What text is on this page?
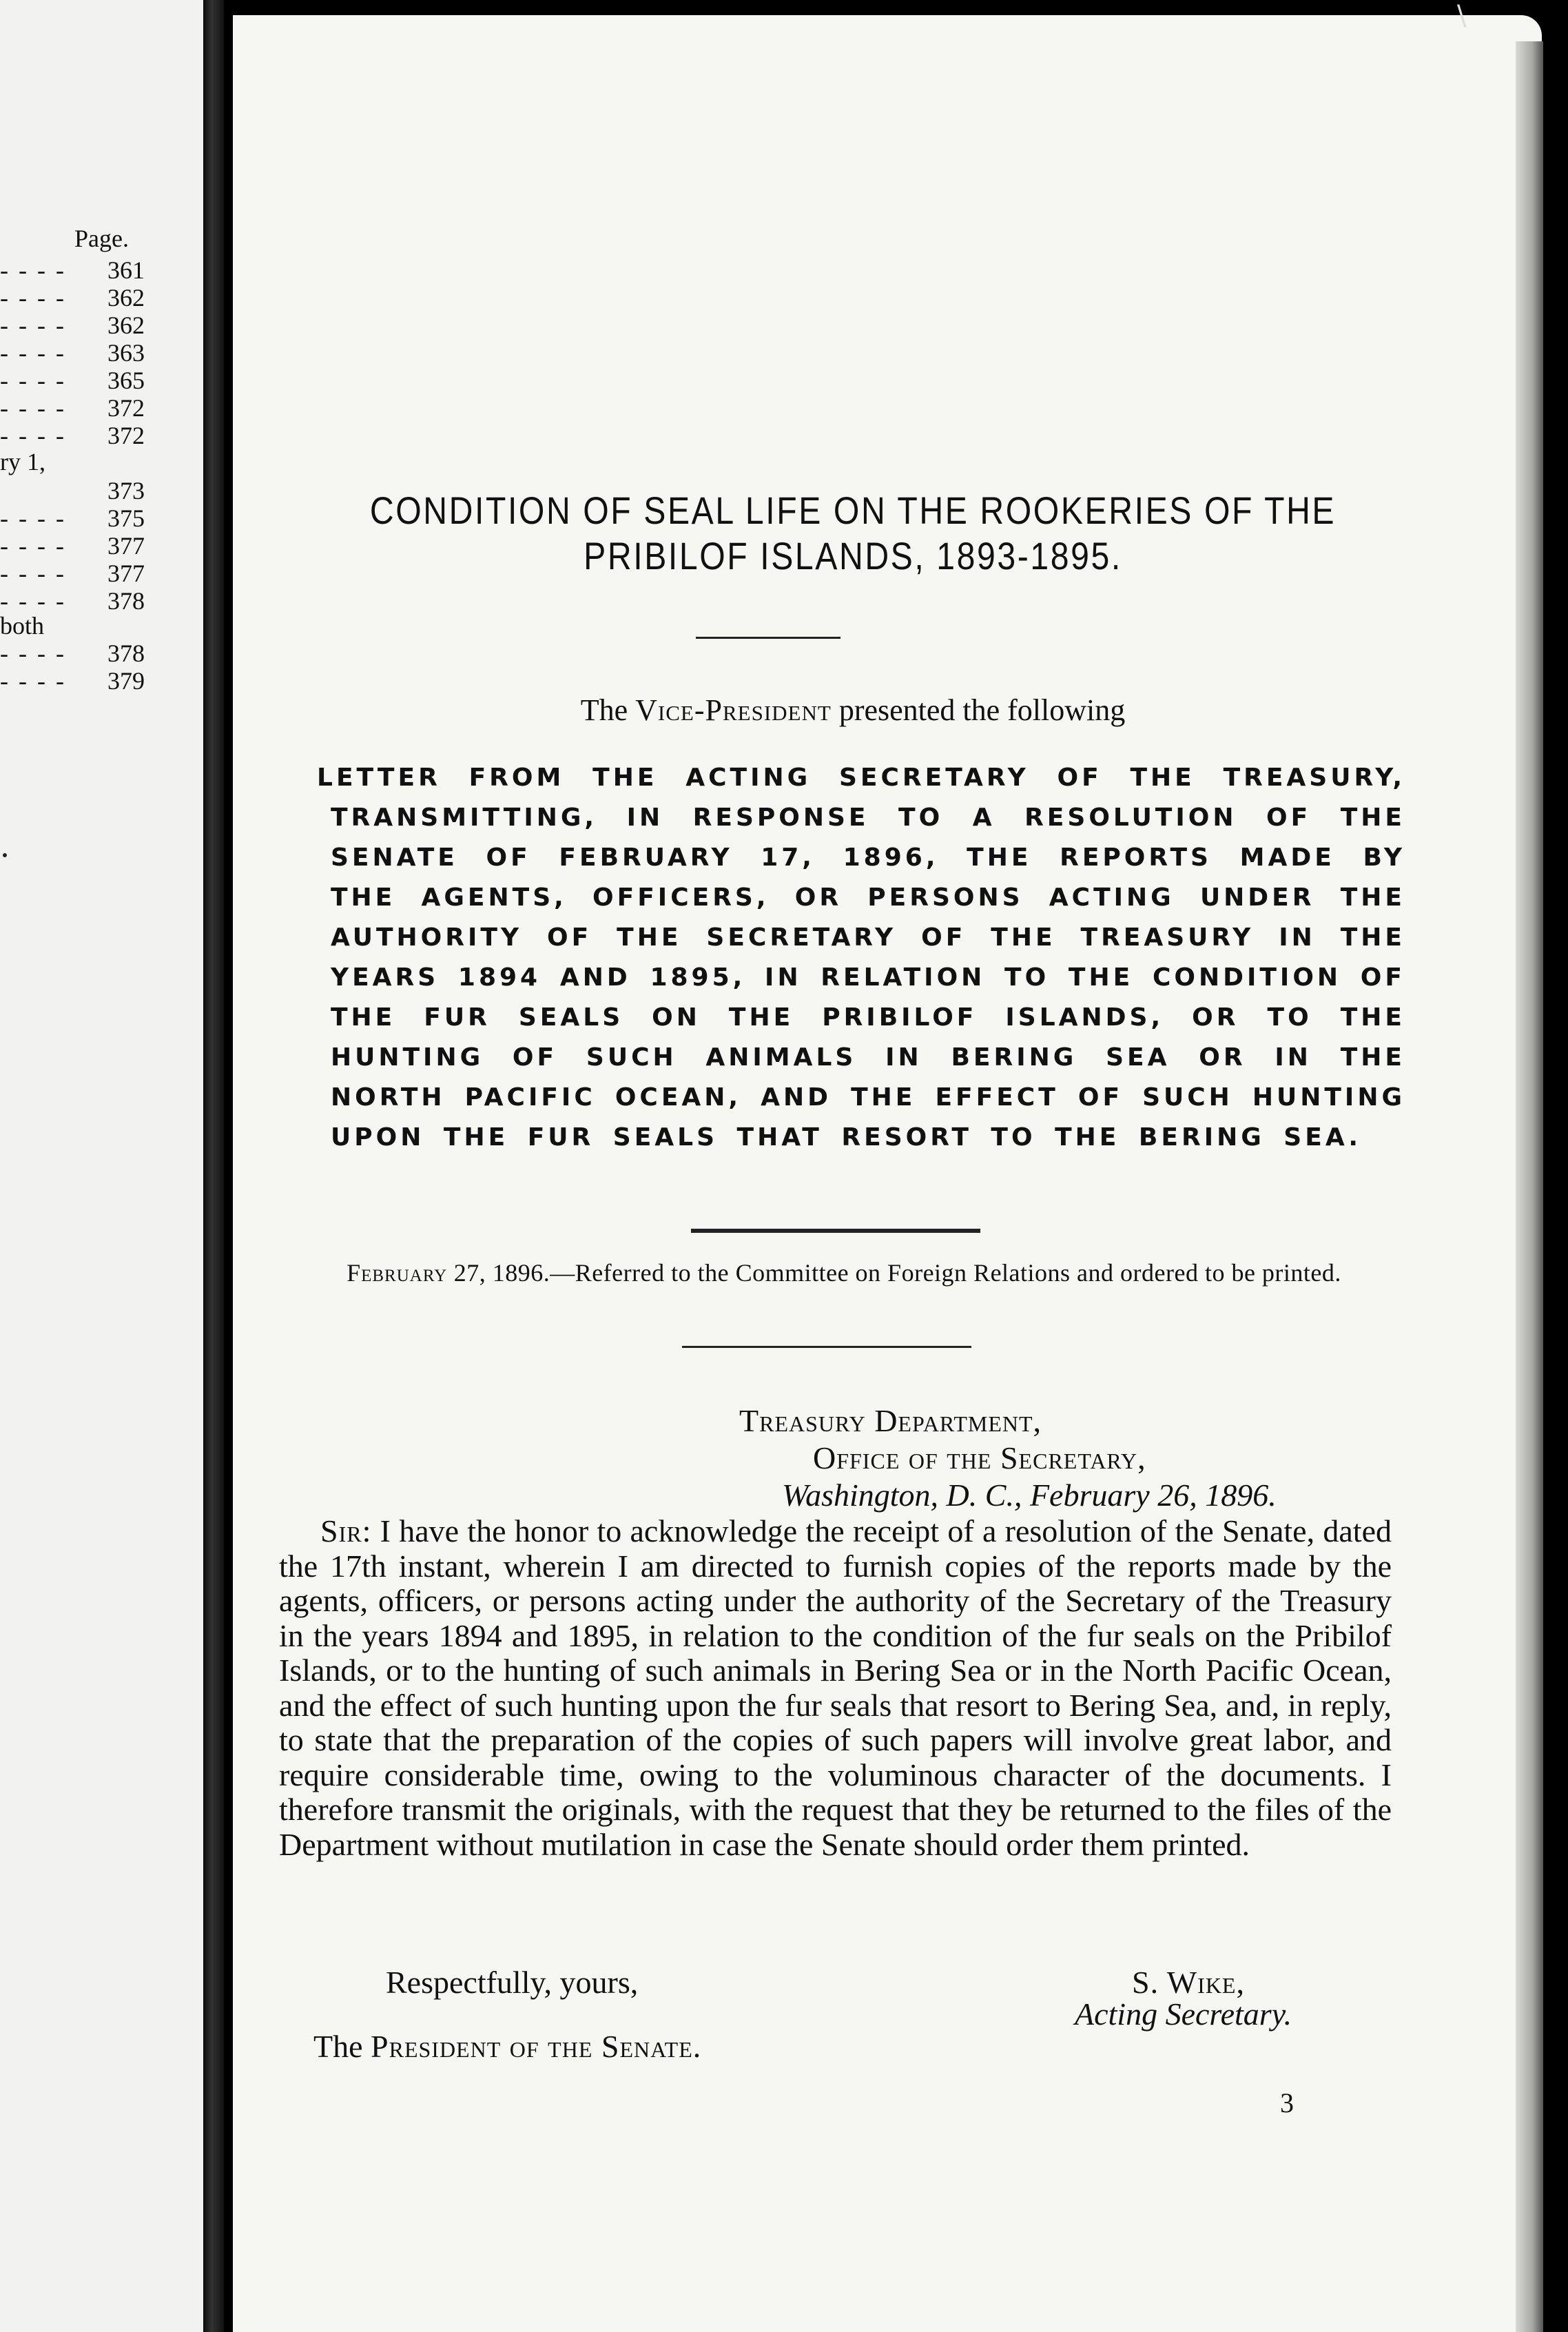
Page.
- - - - 361
- - - - 362
- - - - 362
- - - - 363
- - - - 365
- - - - 372
- - - - 372
ry 1,
373
- - - - 375
- - - - 377
- - - - 377
- - - - 378
both
- - - - 378
- - - - 379
\
CONDITION OF SEAL LIFE ON THE ROOKERIES OF THE
PRIBILOF ISLANDS, 1893-1895.
The Vice-President presented the following
LETTER FROM THE ACTING SECRETARY OF THE TREASURY, TRANSMITTING, IN RESPONSE TO A RESOLUTION OF THE SENATE OF FEBRUARY 17, 1896, THE REPORTS MADE BY THE AGENTS, OFFICERS, OR PERSONS ACTING UNDER THE AUTHORITY OF THE SECRETARY OF THE TREASURY IN THE YEARS 1894 AND 1895, IN RELATION TO THE CONDITION OF THE FUR SEALS ON THE PRIBILOF ISLANDS, OR TO THE HUNTING OF SUCH ANIMALS IN BERING SEA OR IN THE NORTH PACIFIC OCEAN, AND THE EFFECT OF SUCH HUNTING UPON THE FUR SEALS THAT RESORT TO THE BERING SEA.
February 27, 1896.—Referred to the Committee on Foreign Relations and ordered to be printed.
Treasury Department,
Office of the Secretary,
Washington, D. C., February 26, 1896.
Sir: I have the honor to acknowledge the receipt of a resolution of the Senate, dated the 17th instant, wherein I am directed to furnish copies of the reports made by the agents, officers, or persons acting under the authority of the Secretary of the Treasury in the years 1894 and 1895, in relation to the condition of the fur seals on the Pribilof Islands, or to the hunting of such animals in Bering Sea or in the North Pacific Ocean, and the effect of such hunting upon the fur seals that resort to Bering Sea, and, in reply, to state that the preparation of the copies of such papers will involve great labor, and require considerable time, owing to the voluminous character of the documents. I therefore transmit the originals, with the request that they be returned to the files of the Department without mutilation in case the Senate should order them printed.
Respectfully, yours,	S. Wike,
Acting Secretary.
The President of the Senate.
3
